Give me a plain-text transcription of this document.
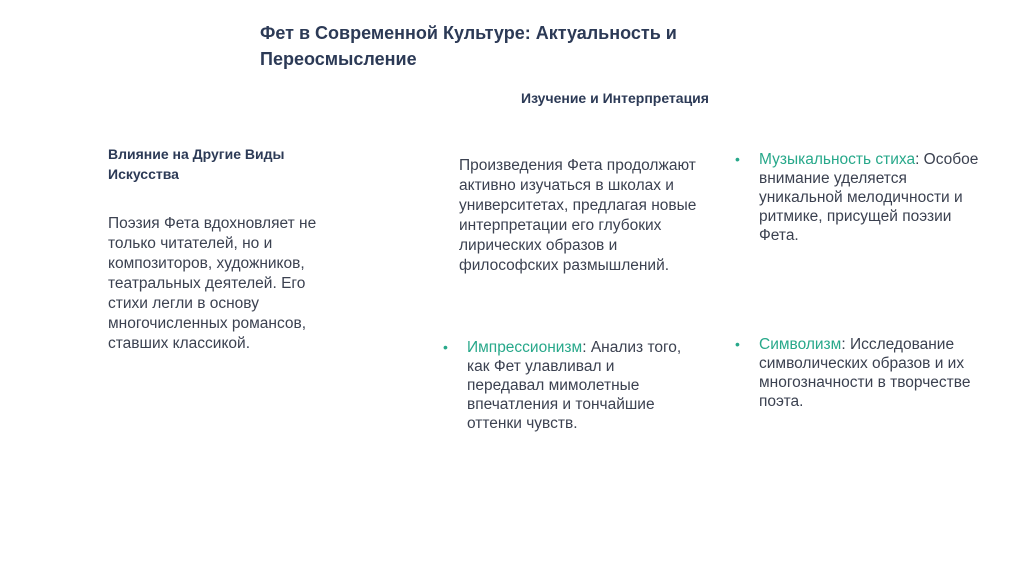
Фет в Современной Культуре: Актуальность и Переосмысление
Изучение и Интерпретация
Влияние на Другие Виды Искусства
Поэзия Фета вдохновляет не только читателей, но и композиторов, художников, театральных деятелей. Его стихи легли в основу многочисленных романсов, ставших классикой.
Произведения Фета продолжают активно изучаться в школах и университетах, предлагая новые интерпретации его глубоких лирических образов и философских размышлений.
• Музыкальность стиха: Особое внимание уделяется уникальной мелодичности и ритмике, присущей поэзии Фета.
• Импрессионизм: Анализ того, как Фет улавливал и передавал мимолетные впечатления и тончайшие оттенки чувств.
• Символизм: Исследование символических образов и их многозначности в творчестве поэта.
